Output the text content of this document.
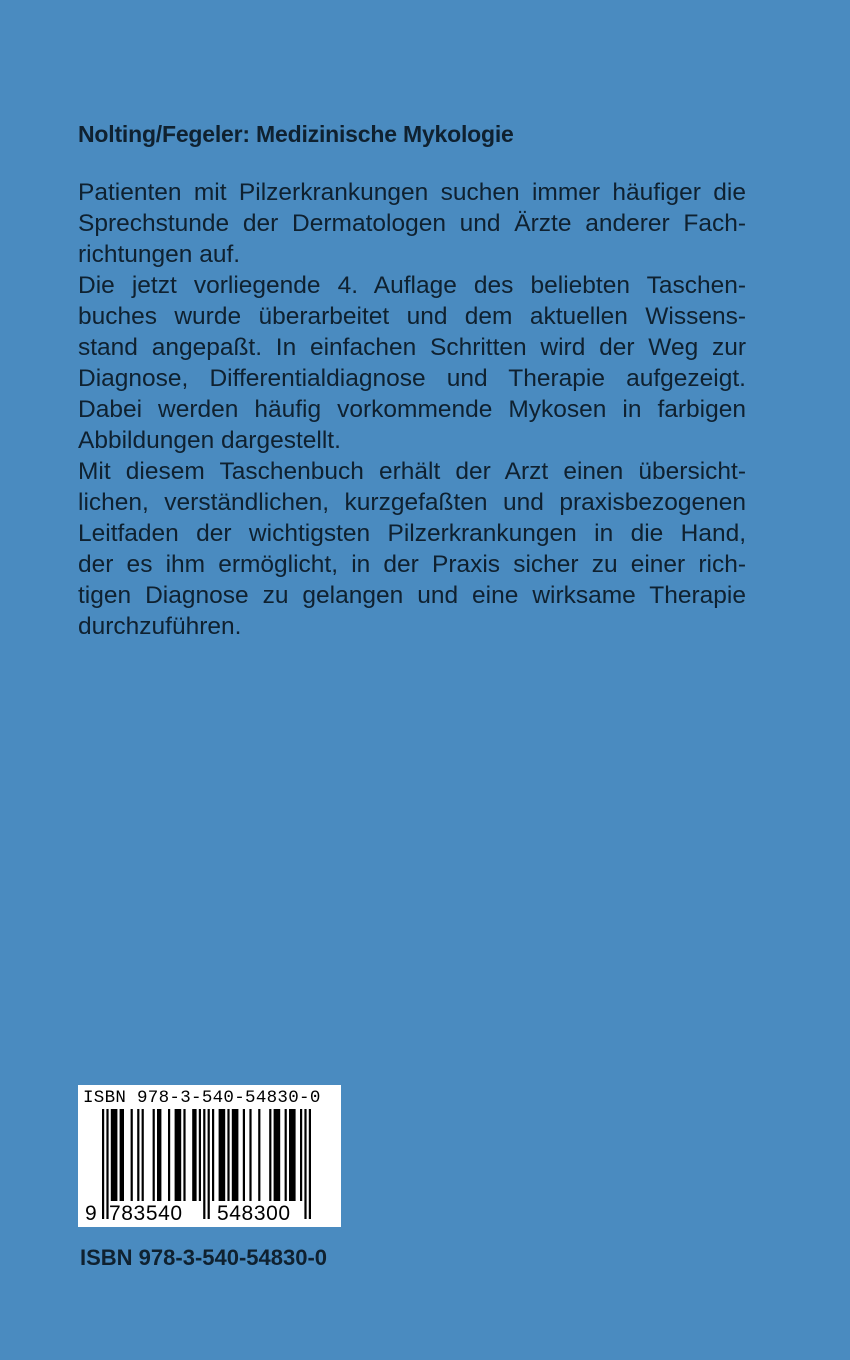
Nolting/Fegeler: Medizinische Mykologie
Patienten mit Pilzerkrankungen suchen immer häufiger die
Sprechstunde der Dermatologen und Ärzte anderer Fach-
richtungen auf.
Die jetzt vorliegende 4. Auflage des beliebten Taschen-
buches wurde überarbeitet und dem aktuellen Wissens-
stand angepaßt. In einfachen Schritten wird der Weg zur
Diagnose, Differentialdiagnose und Therapie aufgezeigt.
Dabei werden häufig vorkommende Mykosen in farbigen
Abbildungen dargestellt.
Mit diesem Taschenbuch erhält der Arzt einen übersicht-
lichen, verständlichen, kurzgefaßten und praxisbezogenen
Leitfaden der wichtigsten Pilzerkrankungen in die Hand,
der es ihm ermöglicht, in der Praxis sicher zu einer rich-
tigen Diagnose zu gelangen und eine wirksame Therapie
durchzuführen.
ISBN 978-3-540-54830-0
9 783540 548300
ISBN 978-3-540-54830-0
